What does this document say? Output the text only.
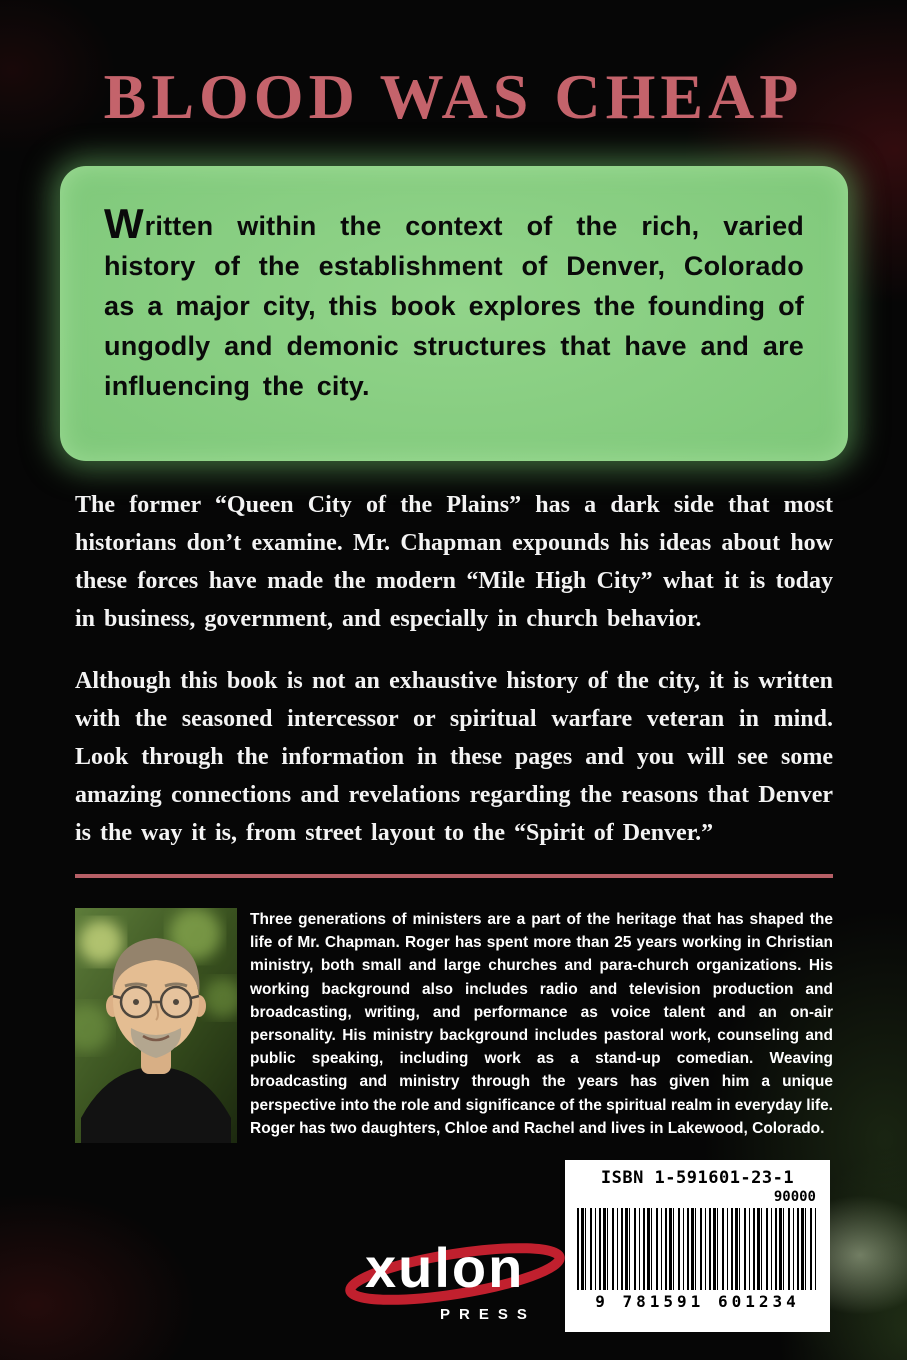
BLOOD WAS CHEAP

Written within the context of the rich, varied history of the establishment of Denver, Colorado as a major city, this book explores the founding of ungodly and demonic structures that have and are influencing the city.

The former “Queen City of the Plains” has a dark side that most historians don’t examine. Mr. Chapman expounds his ideas about how these forces have made the modern “Mile High City” what it is today in business, government, and especially in church behavior.

Although this book is not an exhaustive history of the city, it is written with the seasoned intercessor or spiritual warfare veteran in mind. Look through the information in these pages and you will see some amazing connections and revelations regarding the reasons that Denver is the way it is, from street layout to the “Spirit of Denver.”

Three generations of ministers are a part of the heritage that has shaped the life of Mr. Chapman. Roger has spent more than 25 years working in Christian ministry, both small and large churches and para-church organizations. His working background also includes radio and television production and broadcasting, writing, and performance as voice talent and an on-air personality. His ministry background includes pastoral work, counseling and public speaking, including work as a stand-up comedian. Weaving broadcasting and ministry through the years has given him a unique perspective into the role and significance of the spiritual realm in everyday life. Roger has two daughters, Chloe and Rachel and lives in Lakewood, Colorado.

xulon
PRESS
ISBN 1-591601-23-1
90000
9 781591 601234
